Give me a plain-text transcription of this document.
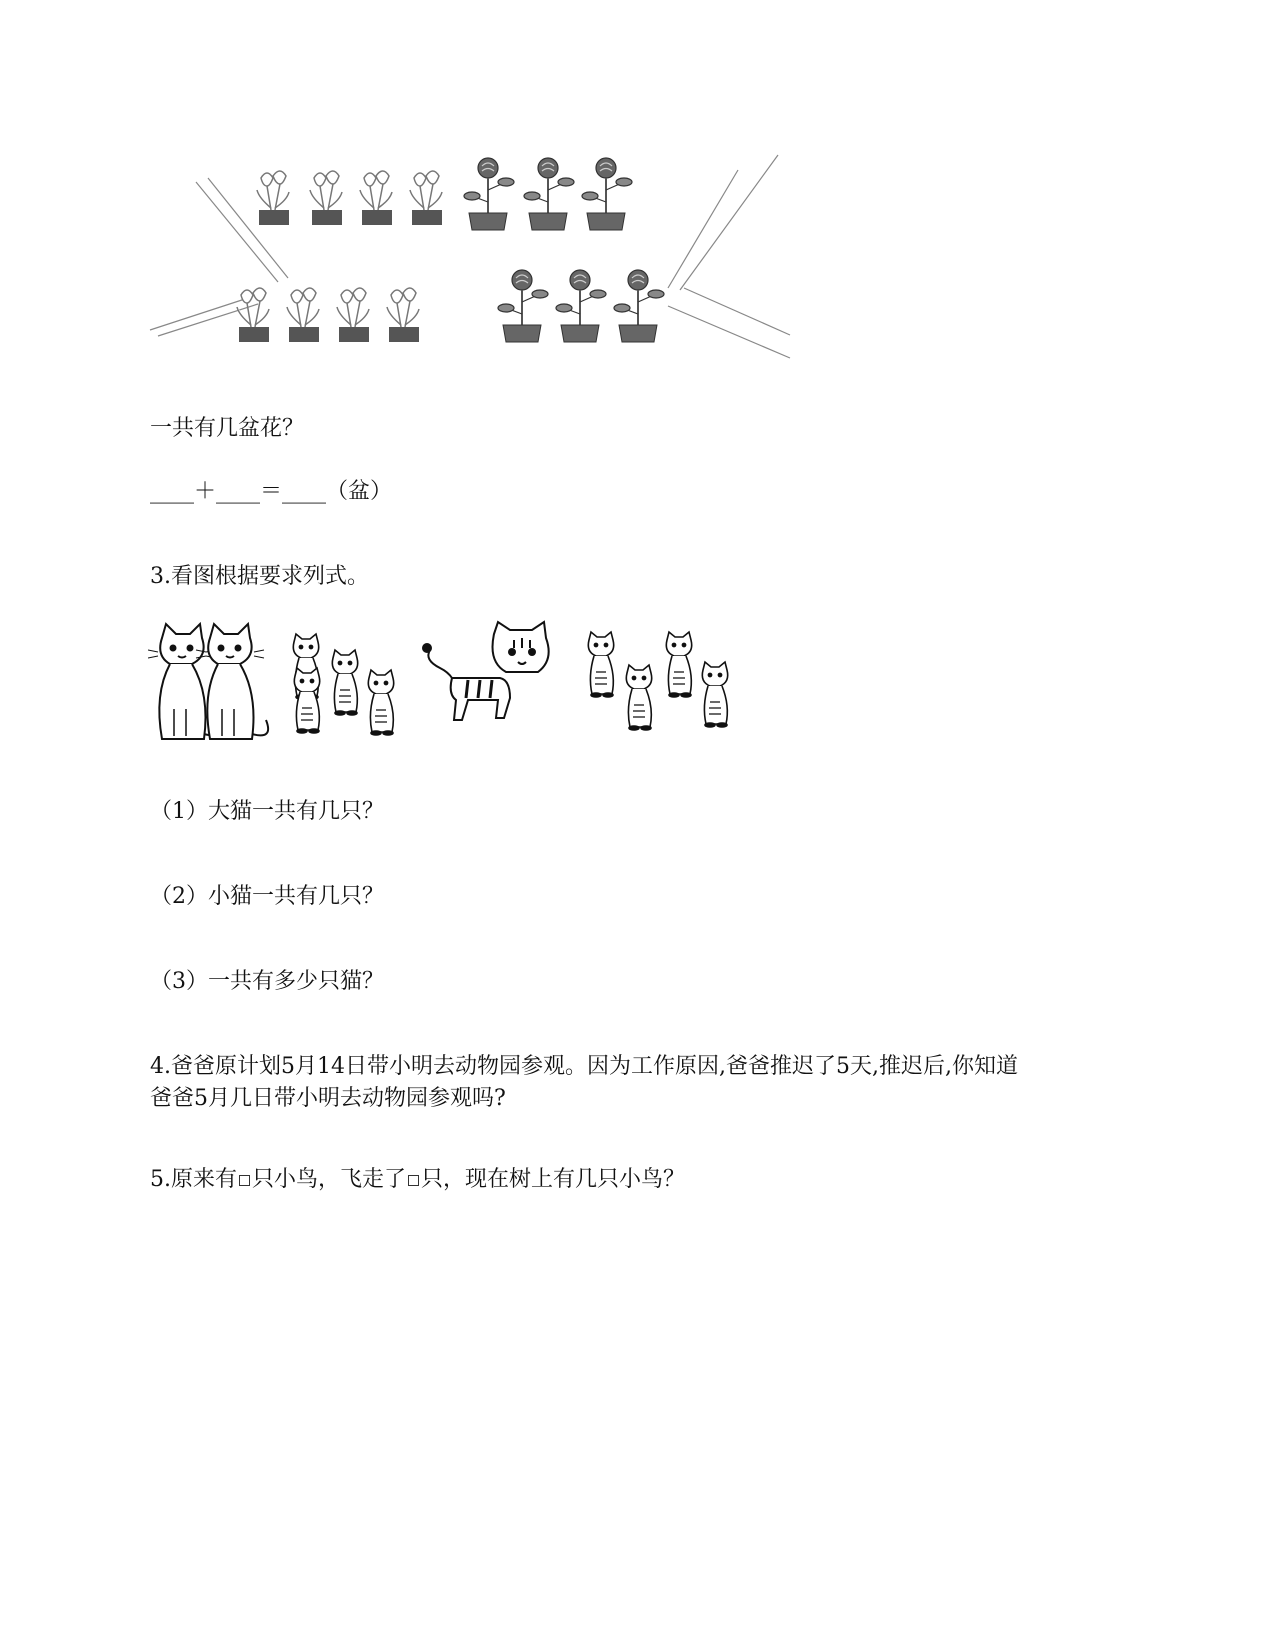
一共有几盆花？
____＋____＝____（盆）
3.看图根据要求列式。
（1）大猫一共有几只？
（2）小猫一共有几只？
（3）一共有多少只猫？
4.爸爸原计划5月14日带小明去动物园参观。因为工作原因,爸爸推迟了5天,推迟后,你知道
爸爸5月几日带小明去动物园参观吗?
5.原来有 只小鸟，飞走了 只，现在树上有几只小鸟？
